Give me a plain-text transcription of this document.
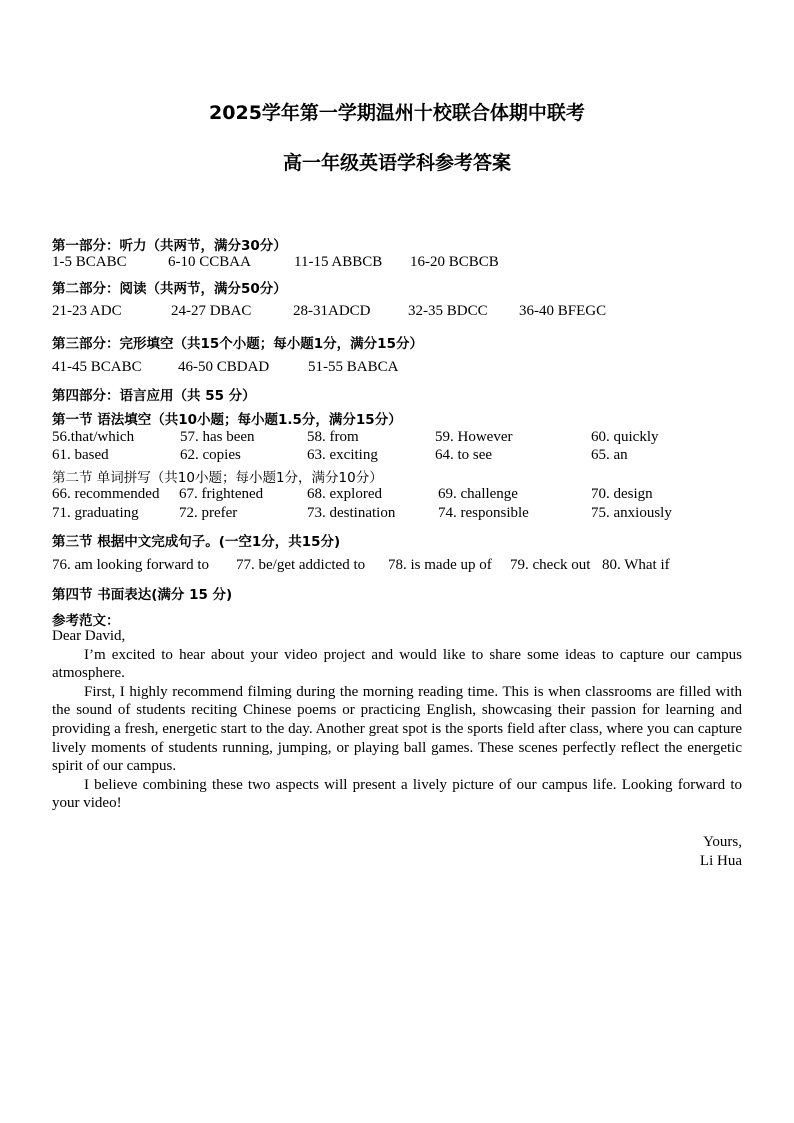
2025学年第一学期温州十校联合体期中联考
高一年级英语学科参考答案
第一部分：听力（共两节，满分30分）
1-5 BCABC	6-10 CCBAA	11-15 ABBCB 16-20 BCBCB
第二部分：阅读（共两节，满分50分）
21-23 ADC	24-27 DBAC	28-31ADCD	32-35 BDCC 36-40 BFEGC
第三部分：完形填空（共15个小题；每小题1分，满分15分）
41-45 BCABC 46-50 CBDAD	51-55 BABCA
第四部分：语言应用（共 55 分）
第一节 语法填空（共10小题；每小题1.5分，满分15分）
56.that/which	57. has been	58. from	59. However	60. quickly
61. based	62. copies	63. exciting	64. to see	65. an
第二节 单词拼写（共10小题；每小题1分，满分10分）
66. recommended 67. frightened	68. explored	69. challenge	70. design
71. graduating	72. prefer	73. destination	74. responsible	75. anxiously
第三节 根据中文完成句子。(一空1分，共15分)
76. am looking forward to 77. be/get addicted to 78. is made up of 79. check out 80. What if
第四节 书面表达(满分 15 分)
参考范文：

Dear David,

I’m excited to hear about your video project and would like to share some ideas to capture our campus atmosphere.

First, I highly recommend filming during the morning reading time. This is when classrooms are filled with the sound of students reciting Chinese poems or practicing English, showcasing their passion for learning and providing a fresh, energetic start to the day. Another great spot is the sports field after class, where you can capture lively moments of students running, jumping, or playing ball games. These scenes perfectly reflect the energetic spirit of our campus.

I believe combining these two aspects will present a lively picture of our campus life. Looking forward to your video!

Yours,
Li Hua
